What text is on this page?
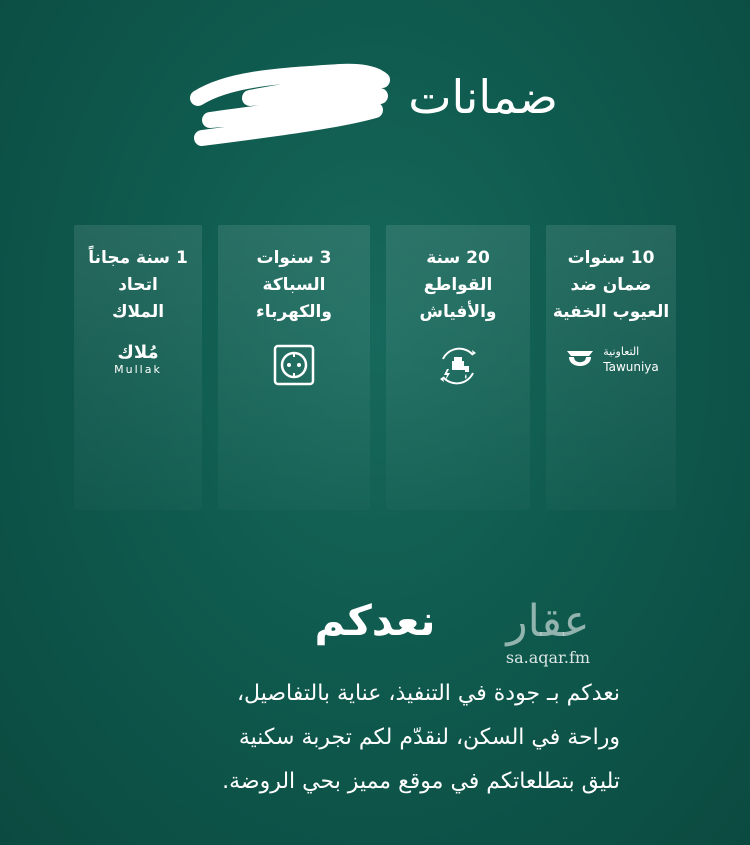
ضمانات
10 سنوات
ضمان ضد
العيوب الخفية
التعاونية
Tawuniya
20 سنة
القواطع
والأفياش
3 سنوات
السباكة
والكهرباء
1 سنة مجاناً
اتحاد
الملاك
مُلاك
Mullak
عقار
sa.aqar.fm
نعدكم
نعدكم بـ جودة في التنفيذ، عناية بالتفاصيل،
وراحة في السكن، لنقدّم لكم تجربة سكنية
تليق بتطلعاتكم في موقع مميز بحي الروضة.
